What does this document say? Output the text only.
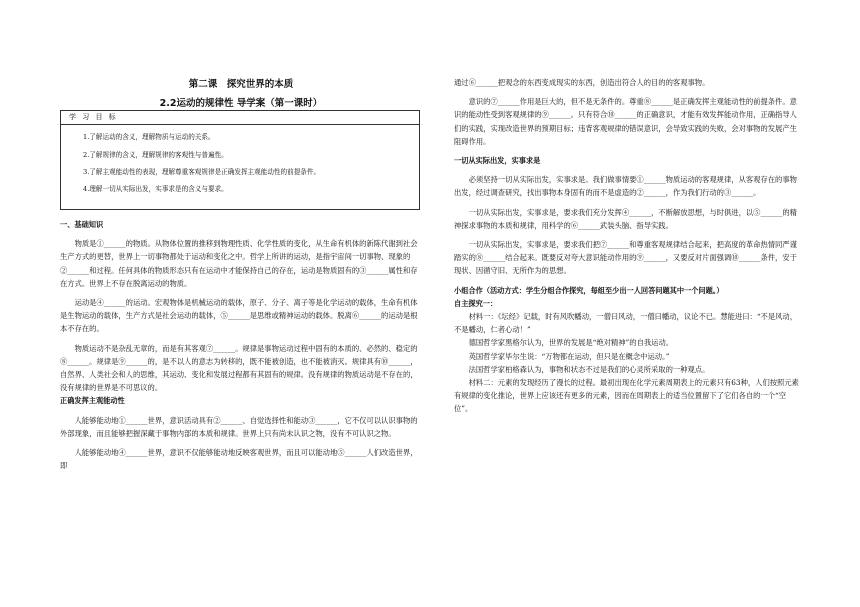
第二课　探究世界的本质
2.2运动的规律性 导学案（第一课时）
学 习 目 标
1.了解运动的含义，理解物质与运动的关系。
2.了解规律的含义，理解规律的客观性与普遍性。
3.了解主观能动性的表现，理解尊重客观规律是正确发挥主观能动性的前提条件。
4.理解一切从实际出发，实事求是的含义与要求。

一、基础知识

物质是①______的物质。从物体位置的推移到物理性质、化学性质的变化，从生命有机体的新陈代谢到社会生产方式的更替，世界上一切事物都处于运动和变化之中。哲学上所讲的运动，是指宇宙间一切事物、现象的②______和过程。任何具体的物质形态只有在运动中才能保持自己的存在，运动是物质固有的③______属性和存在方式。世界上不存在脱离运动的物质。

运动是④______的运动。宏观物体是机械运动的载体，原子、分子、离子等是化学运动的载体，生命有机体是生物运动的载体，生产方式是社会运动的载体，⑤______是思维或精神运动的载体。脱离⑥______的运动是根本不存在的。

物质运动不是杂乱无章的，而是有其客观⑦______。规律是事物运动过程中固有的本质的、必然的、稳定的⑧______。规律是⑨______的，是不以人的意志为转移的，既不能被创造，也不能被消灭。规律具有⑩______，自然界、人类社会和人的思维，其运动、变化和发展过程都有其固有的规律。没有规律的物质运动是不存在的，没有规律的世界是不可思议的。

正确发挥主观能动性

人能够能动地①______世界，意识活动具有②______、自觉选择性和能动③______，它不仅可以认识事物的外部现象，而且能够把握深藏于事物内部的本质和规律。世界上只有尚未认识之物，没有不可认识之物。

人能够能动地④______世界，意识不仅能够能动地反映客观世界，而且可以能动地⑤______人们改造世界，即

通过⑥______把观念的东西变成现实的东西，创造出符合人的目的的客观事物。

意识的⑦______作用是巨大的，但不是无条件的。尊重⑧______是正确发挥主观能动性的前提条件。意识的能动性受到客观规律的⑨______。只有符合⑩______的正确意识，才能有效发挥能动作用，正确指导人们的实践，实现改造世界的预期目标；违背客观规律的错误意识，会导致实践的失败，会对事物的发展产生阻碍作用。

一切从实际出发，实事求是

必须坚持一切从实际出发，实事求是。我们做事情要①______物质运动的客观规律，从客观存在的事物出发，经过调查研究，找出事物本身固有的而不是虚造的②______，作为我们行动的③______。

一切从实际出发，实事求是，要求我们充分发挥④______，不断解放思想，与时俱进，以⑤______的精神探求事物的本质和规律，用科学的⑥______武装头脑、指导实践。

一切从实际出发，实事求是，要求我们把⑦______和尊重客观规律结合起来，把高度的革命热情同严谨踏实的⑧______结合起来。既要反对夸大意识能动作用的⑨______，又要反对片面强调⑩______条件，安于现状、因循守旧、无所作为的思想。

小组合作（活动方式：学生分组合作探究，每组至少出一人回答问题其中一个问题。）

自主探究一：

材料一：《坛经》记载，时有风吹幡动，一僧曰风动，一僧曰幡动，议论不已。慧能进曰：“不是风动，不是幡动，仁者心动！”

德国哲学家黑格尔认为，世界的发展是“绝对精神”的自我运动。

英国哲学家毕尔生说：“万物都在运动，但只是在概念中运动。”

法国哲学家柏格森认为，事物和状态不过是我们的心灵所采取的一种观点。

材料二：元素的发现经历了漫长的过程。最初出现在化学元素周期表上的元素只有63种，人们按照元素有规律的变化推论，世界上应该还有更多的元素，因而在周期表上的适当位置留下了它们各自的一个“空位”。
